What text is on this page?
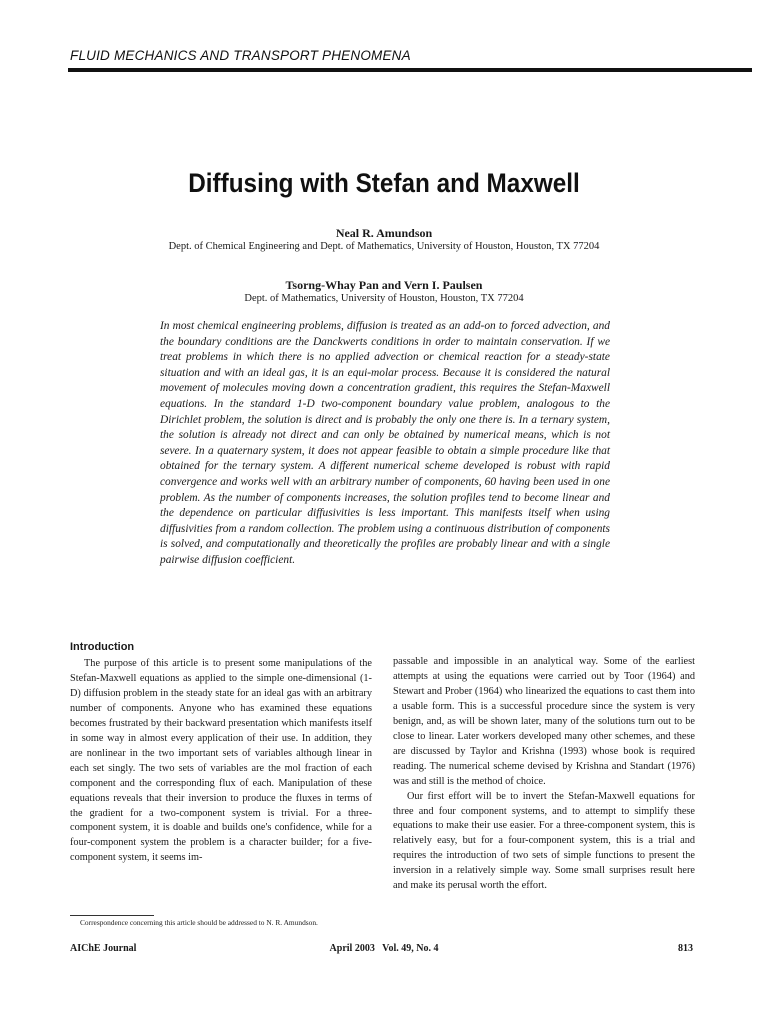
FLUID MECHANICS AND TRANSPORT PHENOMENA
Diffusing with Stefan and Maxwell
Neal R. Amundson
Dept. of Chemical Engineering and Dept. of Mathematics, University of Houston, Houston, TX 77204
Tsorng-Whay Pan and Vern I. Paulsen
Dept. of Mathematics, University of Houston, Houston, TX 77204

In most chemical engineering problems, diffusion is treated as an add-on to forced advection, and the boundary conditions are the Danckwerts conditions in order to maintain conservation. If we treat problems in which there is no applied advection or chemical reaction for a steady-state situation and with an ideal gas, it is an equi-molar process. Because it is considered the natural movement of molecules moving down a concentration gradient, this requires the Stefan-Maxwell equations. In the standard 1-D two-component boundary value problem, analogous to the Dirichlet problem, the solution is direct and is probably the only one there is. In a ternary system, the solution is already not direct and can only be obtained by numerical means, which is not severe. In a quaternary system, it does not appear feasible to obtain a simple procedure like that obtained for the ternary system. A different numerical scheme developed is robust with rapid convergence and works well with an arbitrary number of components, 60 having been used in one problem. As the number of components increases, the solution profiles tend to become linear and the dependence on particular diffusivities is less important. This manifests itself when using diffusivities from a random collection. The problem using a continuous distribution of components is solved, and computationally and theoretically the profiles are probably linear and with a single pairwise diffusion coefficient.

Introduction

The purpose of this article is to present some manipulations of the Stefan-Maxwell equations as applied to the simple one-dimensional (1-D) diffusion problem in the steady state for an ideal gas with an arbitrary number of components. Anyone who has examined these equations becomes frustrated by their backward presentation which manifests itself in some way in almost every application of their use. In addition, they are nonlinear in the two important sets of variables although linear in each set singly. The two sets of variables are the mol fraction of each component and the corresponding flux of each. Manipulation of these equations reveals that their inversion to produce the fluxes in terms of the gradient for a two-component system is trivial. For a three-component system, it is doable and builds one's confidence, while for a four-component system the problem is a character builder; for a five-component system, it seems im-

passable and impossible in an analytical way. Some of the earliest attempts at using the equations were carried out by Toor (1964) and Stewart and Prober (1964) who linearized the equations to cast them into a usable form. This is a successful procedure since the system is very benign, and, as will be shown later, many of the solutions turn out to be close to linear. Later workers developed many other schemes, and these are discussed by Taylor and Krishna (1993) whose book is required reading. The numerical scheme devised by Krishna and Standart (1976) was and still is the method of choice.

Our first effort will be to invert the Stefan-Maxwell equations for three and four component systems, and to attempt to simplify these equations to make their use easier. For a three-component system, this is relatively easy, but for a four-component system, this is a trial and requires the introduction of two sets of simple functions to present the inversion in a relatively simple way. Some small surprises result here and make its perusal worth the effort.

Correspondence concerning this article should be addressed to N. R. Amundson.

AIChE Journal	April 2003   Vol. 49, No. 4	813
